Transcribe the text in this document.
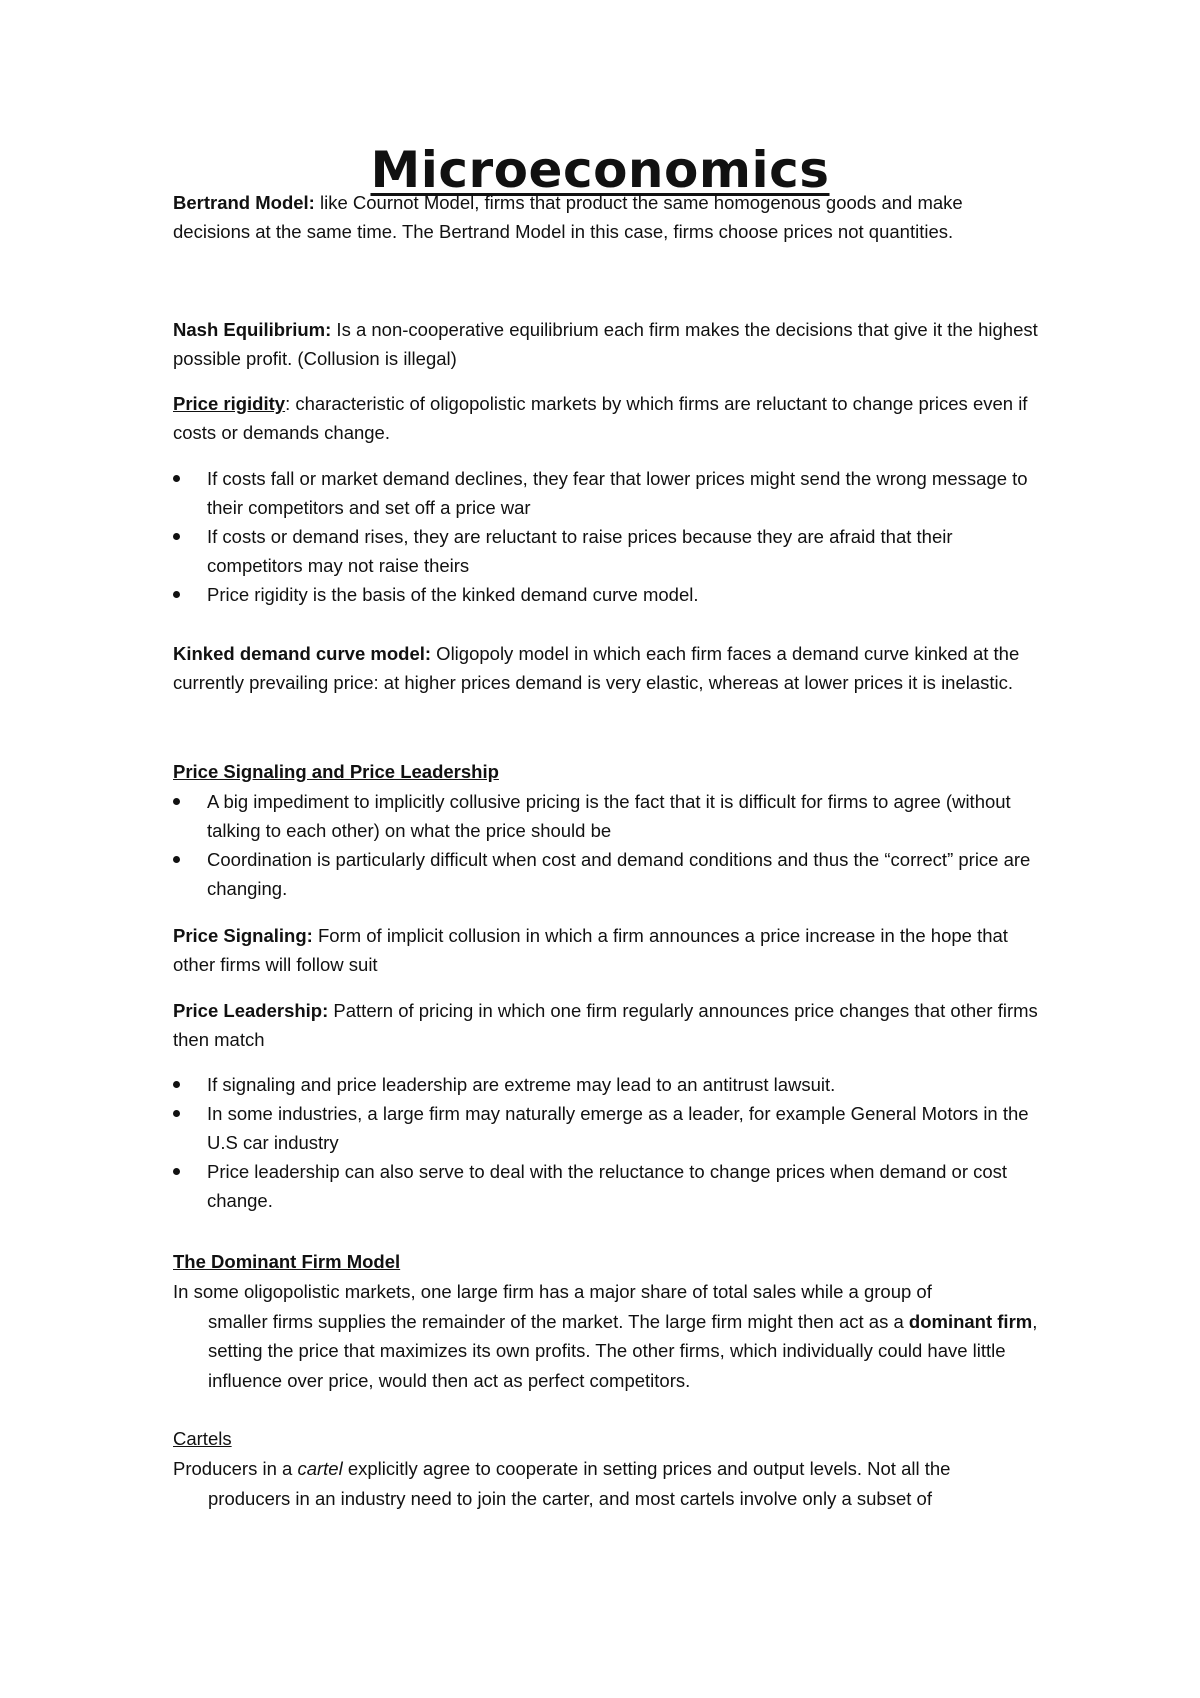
Microeconomics

Bertrand Model: like Cournot Model, firms that product the same homogenous goods and make decisions at the same time. The Bertrand Model in this case, firms choose prices not quantities.

Nash Equilibrium: Is a non-cooperative equilibrium each firm makes the decisions that give it the highest possible profit. (Collusion is illegal)

Price rigidity: characteristic of oligopolistic markets by which firms are reluctant to change prices even if costs or demands change.

If costs fall or market demand declines, they fear that lower prices might send the wrong message to their competitors and set off a price war
If costs or demand rises, they are reluctant to raise prices because they are afraid that their competitors may not raise theirs
Price rigidity is the basis of the kinked demand curve model.

Kinked demand curve model: Oligopoly model in which each firm faces a demand curve kinked at the currently prevailing price: at higher prices demand is very elastic, whereas at lower prices it is inelastic.

Price Signaling and Price Leadership

A big impediment to implicitly collusive pricing is the fact that it is difficult for firms to agree (without talking to each other) on what the price should be
Coordination is particularly difficult when cost and demand conditions and thus the “correct” price are changing.

Price Signaling: Form of implicit collusion in which a firm announces a price increase in the hope that other firms will follow suit

Price Leadership: Pattern of pricing in which one firm regularly announces price changes that other firms then match

If signaling and price leadership are extreme may lead to an antitrust lawsuit.
In some industries, a large firm may naturally emerge as a leader, for example General Motors in the U.S car industry
Price leadership can also serve to deal with the reluctance to change prices when demand or cost change.

The Dominant Firm Model

In some oligopolistic markets, one large firm has a major share of total sales while a group of
smaller firms supplies the remainder of the market. The large firm might then act as a dominant firm, setting the price that maximizes its own profits. The other firms, which individually could have little influence over price, would then act as perfect competitors.

Cartels

Producers in a cartel explicitly agree to cooperate in setting prices and output levels. Not all the
producers in an industry need to join the carter, and most cartels involve only a subset of
